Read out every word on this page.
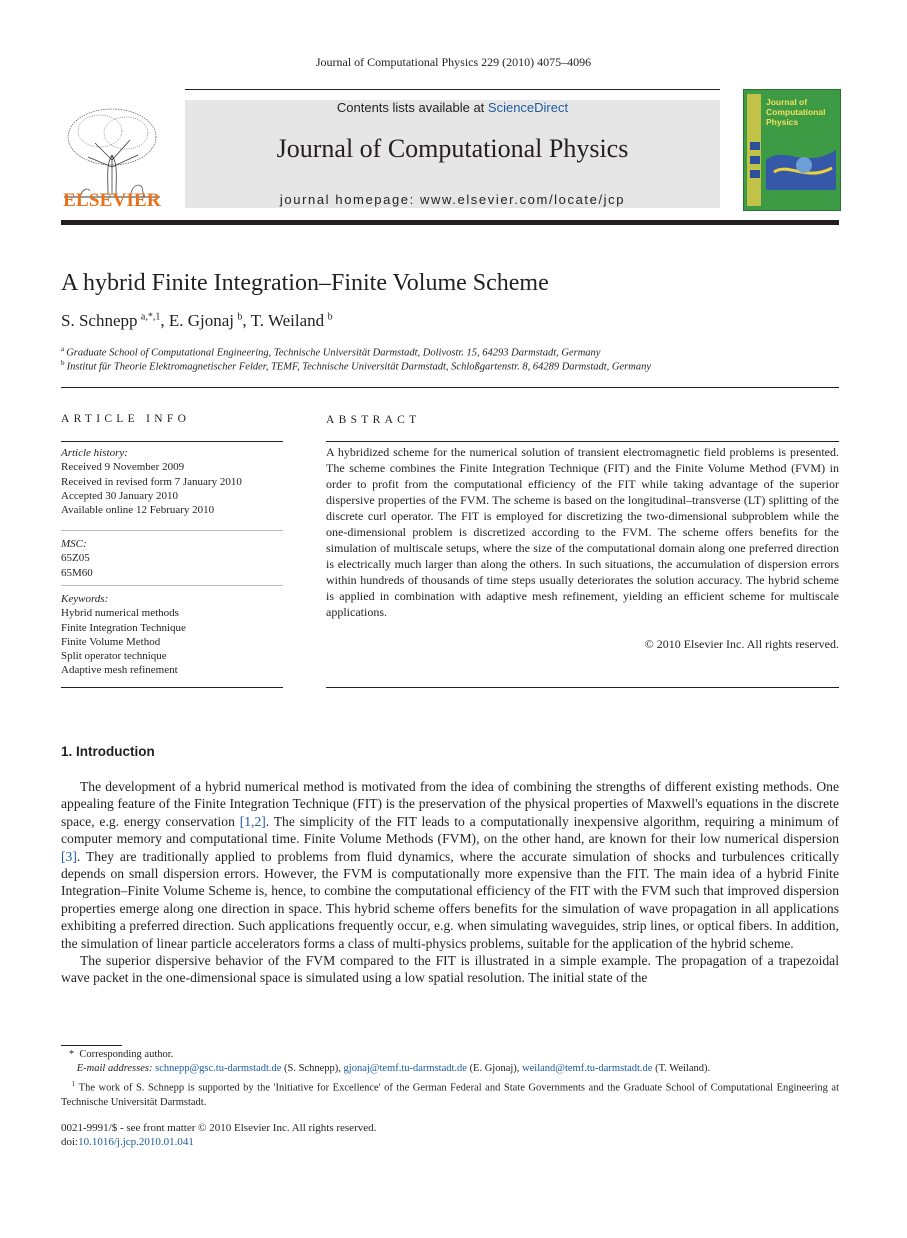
Journal of Computational Physics 229 (2010) 4075–4096
ELSEVIER
Contents lists available at ScienceDirect
Journal of Computational Physics
journal homepage: www.elsevier.com/locate/jcp
Journal of Computational Physics
A hybrid Finite Integration–Finite Volume Scheme
S. Schnepp  $^{a,*,1}$, E. Gjonaj  $^b$, T. Weiland  $^b$
$^a$  Graduate School of Computational Engineering, Technische Universität Darmstadt, Dolivostr. 15, 64293 Darmstadt, Germany
$^b$  Institut für Theorie Elektromagnetischer Felder, TEMF, Technische Universität Darmstadt, Schloßgartenstr. 8, 64289 Darmstadt, Germany
ARTICLE INFO
Article history:
Received 9 November 2009
Received in revised form 7 January 2010
Accepted 30 January 2010
Available online 12 February 2010
MSC:
65Z05
65M60
Keywords:
Hybrid numerical methods
Finite Integration Technique
Finite Volume Method
Split operator technique
Adaptive mesh refinement
ABSTRACT
A hybridized scheme for the numerical solution of transient electromagnetic field problems is presented. The scheme combines the Finite Integration Technique (FIT) and the Finite Volume Method (FVM) in order to profit from the computational efficiency of the FIT while taking advantage of the superior dispersive properties of the FVM. The scheme is based on the longitudinal–transverse (LT) splitting of the discrete curl operator. The FIT is employed for discretizing the two-dimensional subproblem while the one-dimensional problem is discretized according to the FVM. The scheme offers benefits for the simulation of multiscale setups, where the size of the computational domain along one preferred direction is electrically much larger than along the others. In such situations, the accumulation of dispersion errors within hundreds of thousands of time steps usually deteriorates the solution accuracy. The hybrid scheme is applied in combination with adaptive mesh refinement, yielding an efficient scheme for multiscale applications.
© 2010 Elsevier Inc. All rights reserved.
1. Introduction

The development of a hybrid numerical method is motivated from the idea of combining the strengths of different existing methods. One appealing feature of the Finite Integration Technique (FIT) is the preservation of the physical properties of Maxwell's equations in the discrete space, e.g. energy conservation [1,2]. The simplicity of the FIT leads to a computationally inexpensive algorithm, requiring a minimum of computer memory and computational time. Finite Volume Methods (FVM), on the other hand, are known for their low numerical dispersion [3]. They are traditionally applied to problems from fluid dynamics, where the accurate simulation of shocks and turbulences critically depends on small dispersion errors. However, the FVM is computationally more expensive than the FIT. The main idea of a hybrid Finite Integration–Finite Volume Scheme is, hence, to combine the computational efficiency of the FIT with the FVM such that improved dispersion properties emerge along one direction in space. This hybrid scheme offers benefits for the simulation of wave propagation in all applications exhibiting a preferred direction. Such applications frequently occur, e.g. when simulating waveguides, strip lines, or optical fibers. In addition, the simulation of linear particle accelerators forms a class of multi-physics problems, suitable for the application of the hybrid scheme.

The superior dispersive behavior of the FVM compared to the FIT is illustrated in a simple example. The propagation of a trapezoidal wave packet in the one-dimensional space is simulated using a low spatial resolution. The initial state of the

* Corresponding author.
E-mail addresses: schnepp@gsc.tu-darmstadt.de (S. Schnepp), gjonaj@temf.tu-darmstadt.de (E. Gjonaj), weiland@temf.tu-darmstadt.de (T. Weiland).
$^1$ The work of S. Schnepp is supported by the 'Initiative for Excellence' of the German Federal and State Governments and the Graduate School of Computational Engineering at Technische Universität Darmstadt.
0021-9991/$ - see front matter © 2010 Elsevier Inc. All rights reserved.
doi:10.1016/j.jcp.2010.01.041
